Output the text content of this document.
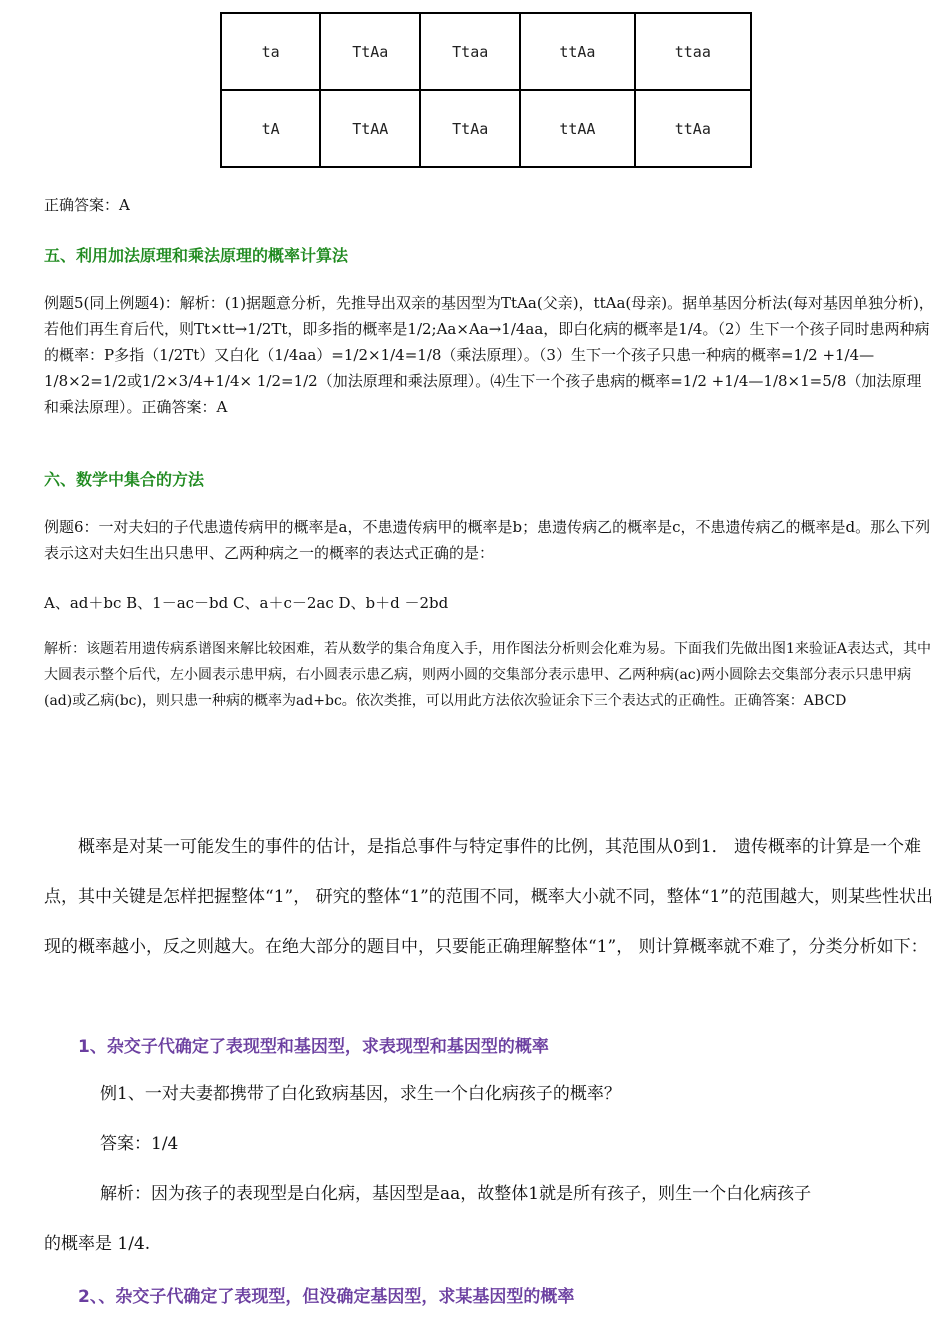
ta	TtAa	Ttaa	ttAa	ttaa
tA	TtAA	TtAa	ttAA	ttAa

正确答案：A

五、利用加法原理和乘法原理的概率计算法

例题5(同上例题4)：解析：(1)据题意分析，先推导出双亲的基因型为TtAa(父亲)，ttAa(母亲)。据单基因分析法(每对基因单独分析)，若他们再生育后代，则Tt×tt→1/2Tt，即多指的概率是1/2;Aa×Aa→1/4aa，即白化病的概率是1/4。（2）生下一个孩子同时患两种病的概率：P多指（1/2Tt）又白化（1/4aa）=1/2×1/4=1/8（乘法原理）。（3）生下一个孩子只患一种病的概率=1/2 +1/4—1/8×2=1/2或1/2×3/4+1/4× 1/2=1/2（加法原理和乘法原理）。⑷生下一个孩子患病的概率=1/2 +1/4—1/8×1=5/8（加法原理和乘法原理）。正确答案：A

六、数学中集合的方法

例题6：一对夫妇的子代患遗传病甲的概率是a，不患遗传病甲的概率是b；患遗传病乙的概率是c，不患遗传病乙的概率是d。那么下列表示这对夫妇生出只患甲、乙两种病之一的概率的表达式正确的是：

A、ad＋bc B、1－ac－bd C、a＋c－2ac D、b＋d －2bd

解析：该题若用遗传病系谱图来解比较困难，若从数学的集合角度入手，用作图法分析则会化难为易。下面我们先做出图1来验证A表达式，其中大圆表示整个后代，左小圆表示患甲病，右小圆表示患乙病，则两小圆的交集部分表示患甲、乙两种病(ac)两小圆除去交集部分表示只患甲病(ad)或乙病(bc)，则只患一种病的概率为ad+bc。依次类推，可以用此方法依次验证余下三个表达式的正确性。正确答案：ABCD

概率是对某一可能发生的事件的估计，是指总事件与特定事件的比例，其范围从0到1． 遗传概率的计算是一个难点，其中关键是怎样把握整体“1”， 研究的整体“1”的范围不同，概率大小就不同，整体“1”的范围越大，则某些性状出现的概率越小，反之则越大。在绝大部分的题目中，只要能正确理解整体“1”， 则计算概率就不难了，分类分析如下：

1、杂交子代确定了表现型和基因型，求表现型和基因型的概率

例1、一对夫妻都携带了白化致病基因，求生一个白化病孩子的概率？

答案：1/4

解析：因为孩子的表现型是白化病，基因型是aa，故整体1就是所有孩子，则生一个白化病孩子

的概率是 1/4.

2、、杂交子代确定了表现型，但没确定基因型，求某基因型的概率
